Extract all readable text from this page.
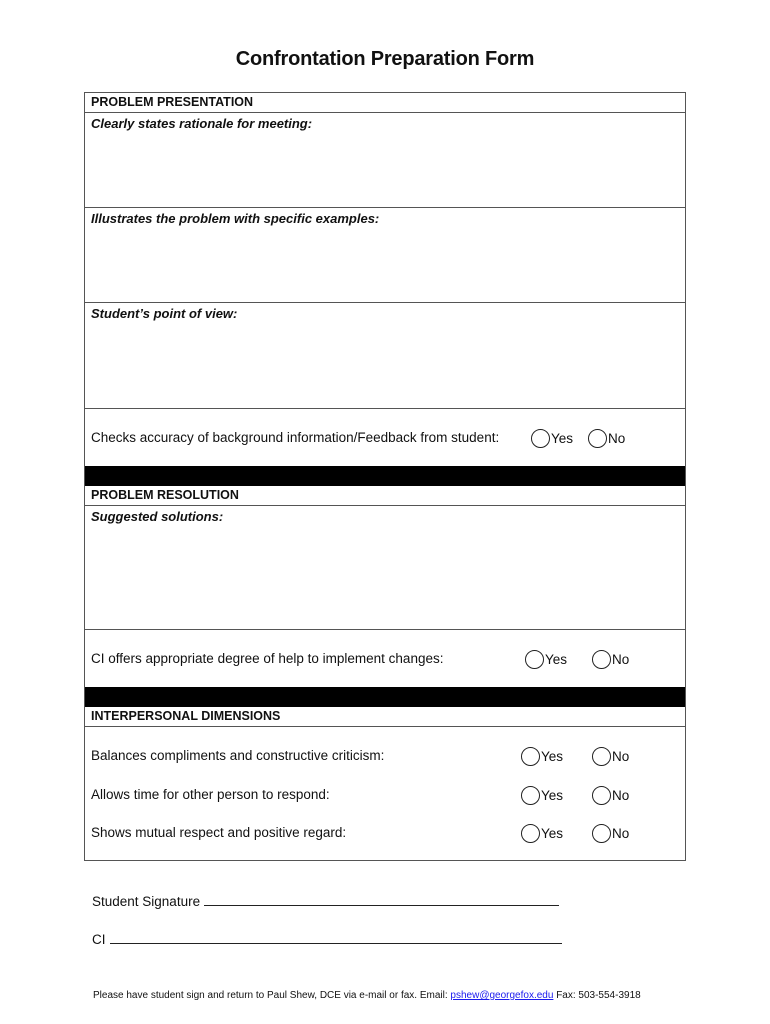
Confrontation Preparation Form
PROBLEM PRESENTATION
Clearly states rationale for meeting:
Illustrates the problem with specific examples:
Student’s point of view:
Checks accuracy of background information/Feedback from student:	Yes	No
PROBLEM RESOLUTION
Suggested solutions:
CI offers appropriate degree of help to implement changes:	Yes	No
INTERPERSONAL DIMENSIONS
Balances compliments and constructive criticism:	Yes	No
Allows time for other person to respond:	Yes	No
Shows mutual respect and positive regard:	Yes	No
Student Signature
CI
Please have student sign and return to Paul Shew, DCE via e-mail or fax. Email: pshew@georgefox.edu Fax: 503-554-3918
